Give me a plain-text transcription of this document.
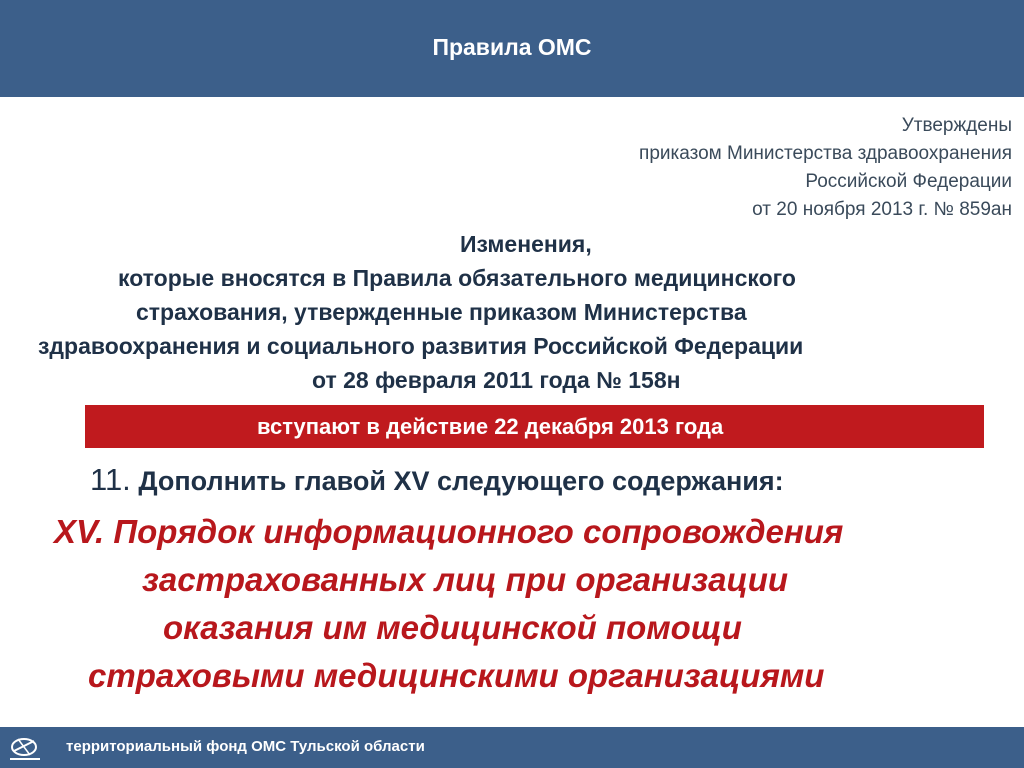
Правила ОМС
Утверждены
приказом Министерства здравоохранения
Российской Федерации
от 20 ноября 2013 г. № 859ан
Изменения,
которые вносятся в Правила обязательного медицинского
страхования, утвержденные приказом Министерства
здравоохранения и социального развития Российской Федерации
от 28 февраля 2011 года № 158н
вступают в действие 22 декабря 2013 года
11. Дополнить главой XV следующего содержания:
XV. Порядок информационного сопровождения
застрахованных лиц при организации
оказания им медицинской помощи
страховыми медицинскими организациями
территориальный фонд ОМС Тульской области
